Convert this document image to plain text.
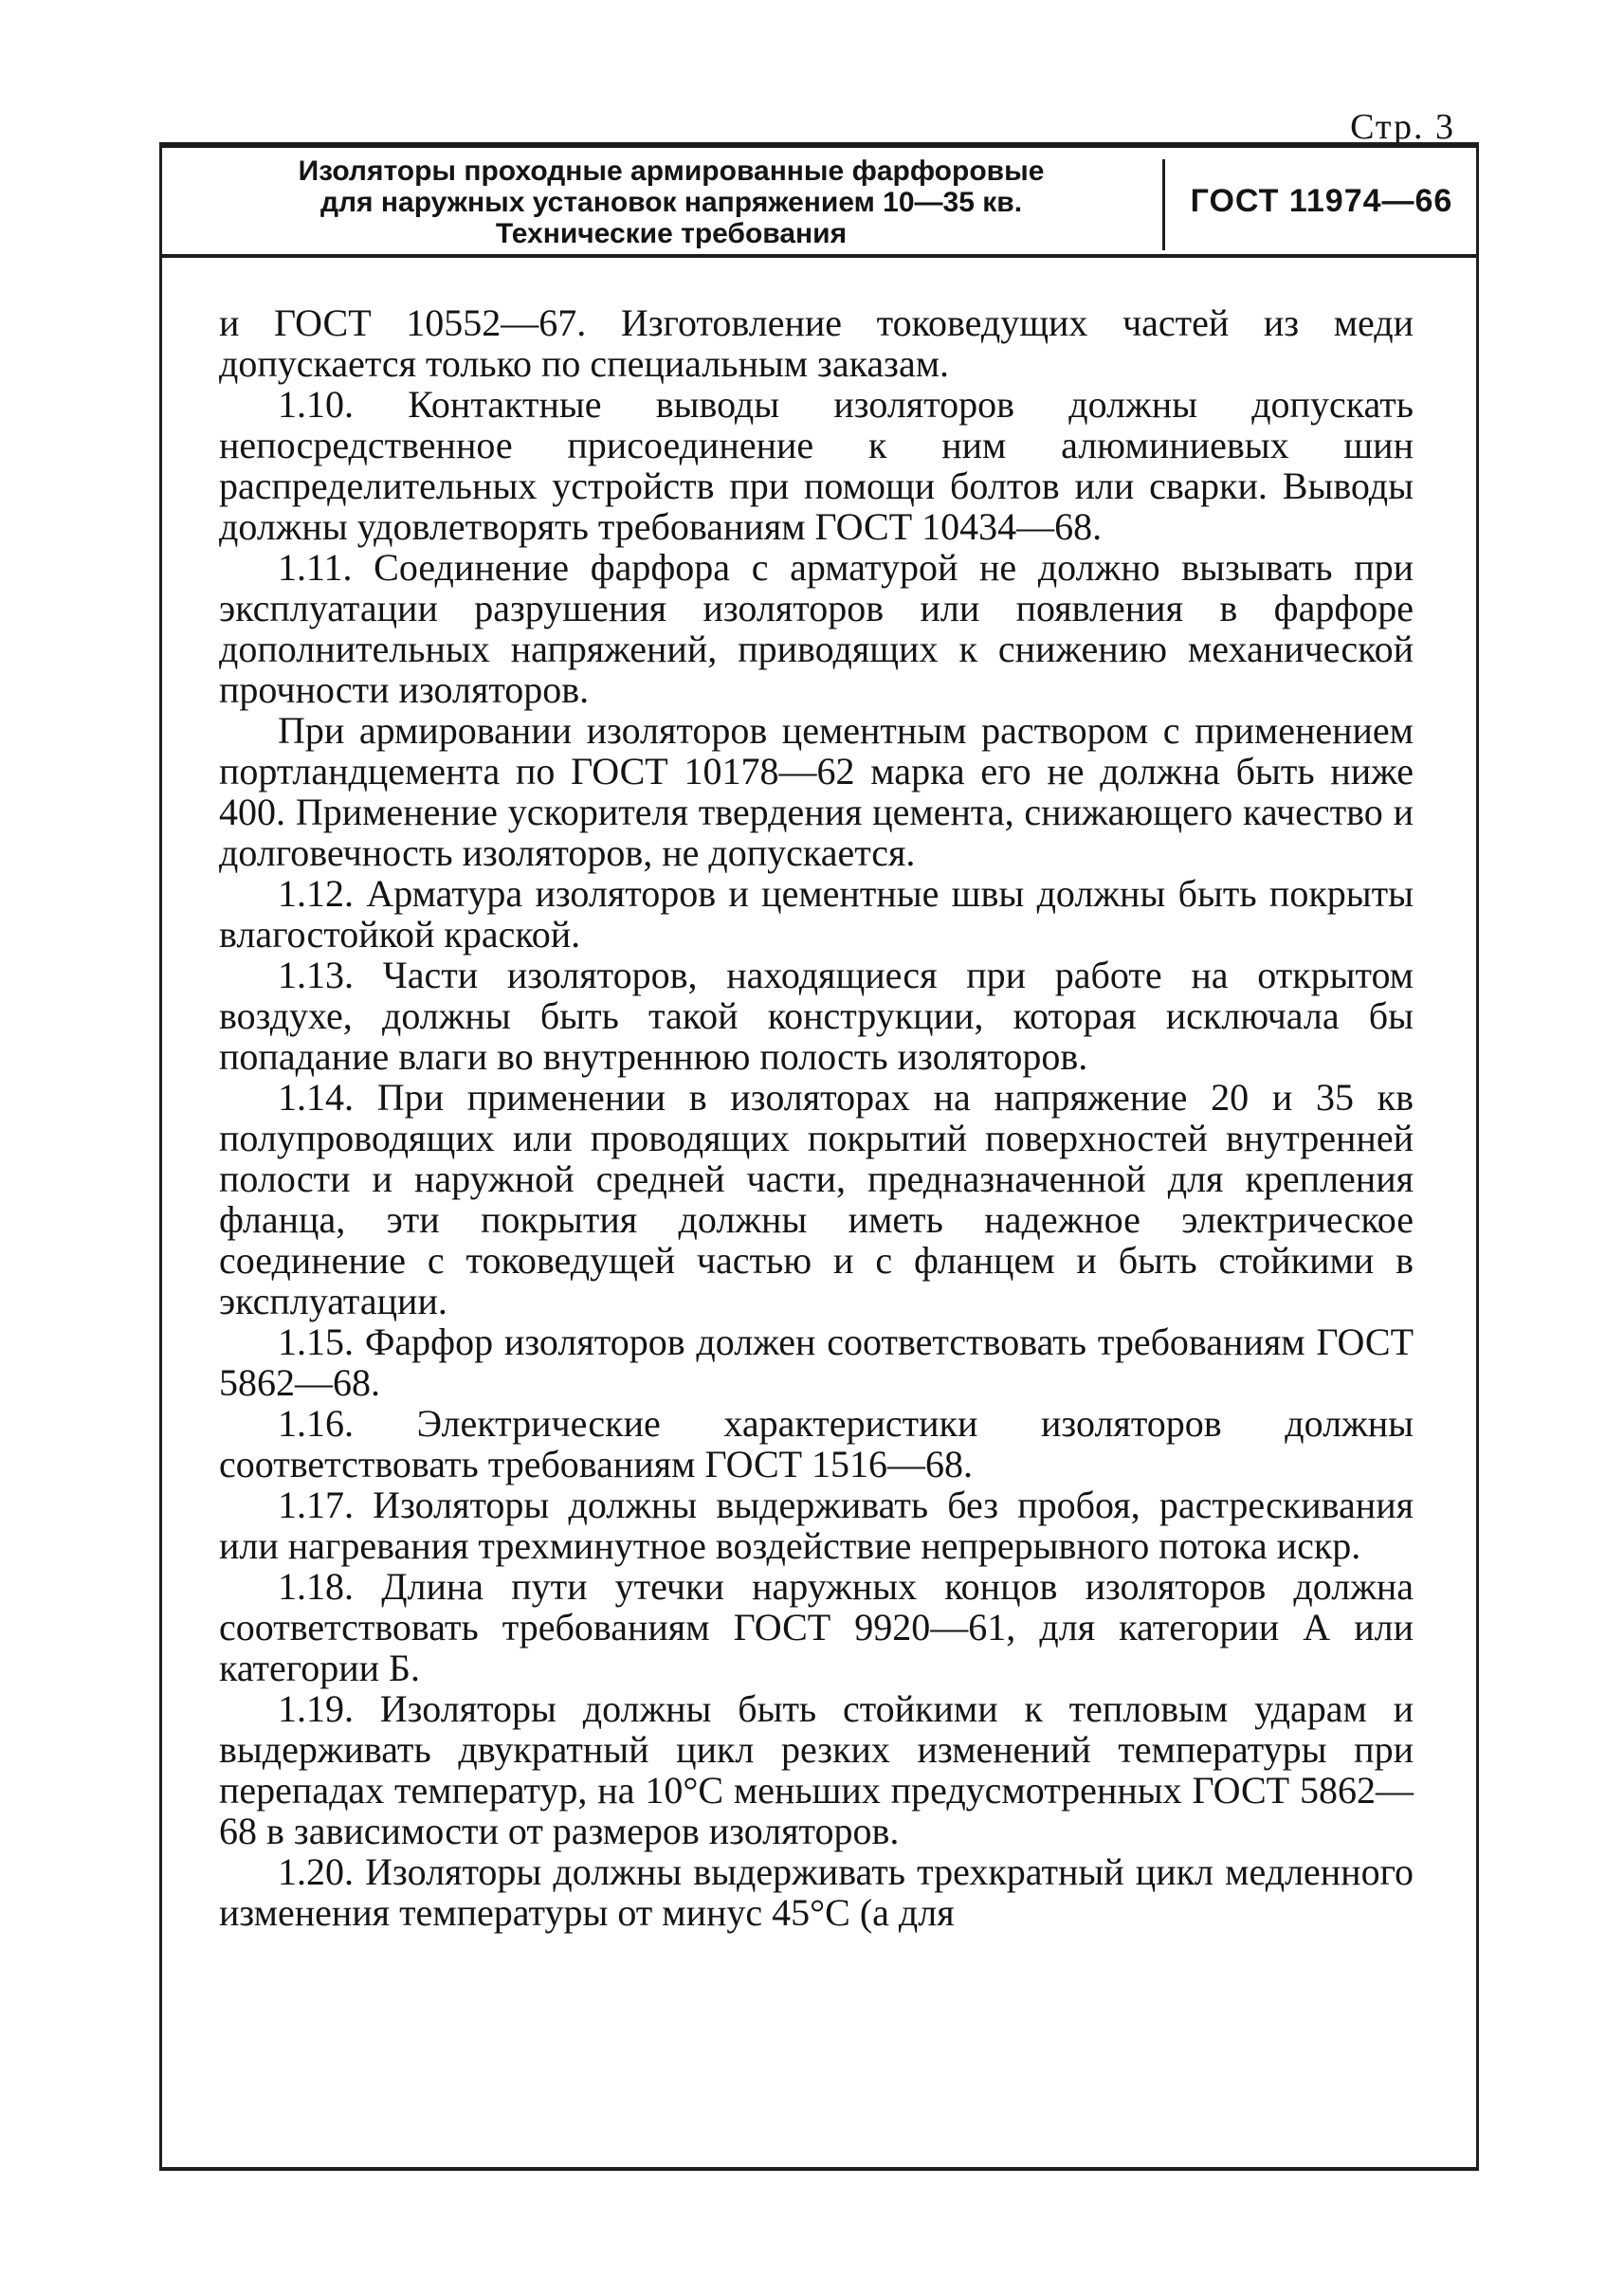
Стр. 3
Изоляторы проходные армированные фарфоровые
для наружных установок напряжением 10—35 кв.
Технические требования
ГОСТ 11974—66

и ГОСТ 10552—67. Изготовление токоведущих частей из меди допускается только по специальным заказам.

1.10. Контактные выводы изоляторов должны допускать непосредственное присоединение к ним алюминиевых шин распределительных устройств при помощи болтов или сварки. Выводы должны удовлетворять требованиям ГОСТ 10434—68.

1.11. Соединение фарфора с арматурой не должно вызывать при эксплуатации разрушения изоляторов или появления в фарфоре дополнительных напряжений, приводящих к снижению механической прочности изоляторов.

При армировании изоляторов цементным раствором с применением портландцемента по ГОСТ 10178—62 марка его не должна быть ниже 400. Применение ускорителя твердения цемента, снижающего качество и долговечность изоляторов, не допускается.

1.12. Арматура изоляторов и цементные швы должны быть покрыты влагостойкой краской.

1.13. Части изоляторов, находящиеся при работе на открытом воздухе, должны быть такой конструкции, которая исключала бы попадание влаги во внутреннюю полость изоляторов.

1.14. При применении в изоляторах на напряжение 20 и 35 кв полупроводящих или проводящих покрытий поверхностей внутренней полости и наружной средней части, предназначенной для крепления фланца, эти покрытия должны иметь надежное электрическое соединение с токоведущей частью и с фланцем и быть стойкими в эксплуатации.

1.15. Фарфор изоляторов должен соответствовать требованиям ГОСТ 5862—68.

1.16. Электрические характеристики изоляторов должны соответствовать требованиям ГОСТ 1516—68.

1.17. Изоляторы должны выдерживать без пробоя, растрескивания или нагревания трехминутное воздействие непрерывного потока искр.

1.18. Длина пути утечки наружных концов изоляторов должна соответствовать требованиям ГОСТ 9920—61, для категории А или категории Б.

1.19. Изоляторы должны быть стойкими к тепловым ударам и выдерживать двукратный цикл резких изменений температуры при перепадах температур, на 10°С меньших предусмотренных ГОСТ 5862—68 в зависимости от размеров изоляторов.

1.20. Изоляторы должны выдерживать трехкратный цикл медленного изменения температуры от минус 45°С (а для
